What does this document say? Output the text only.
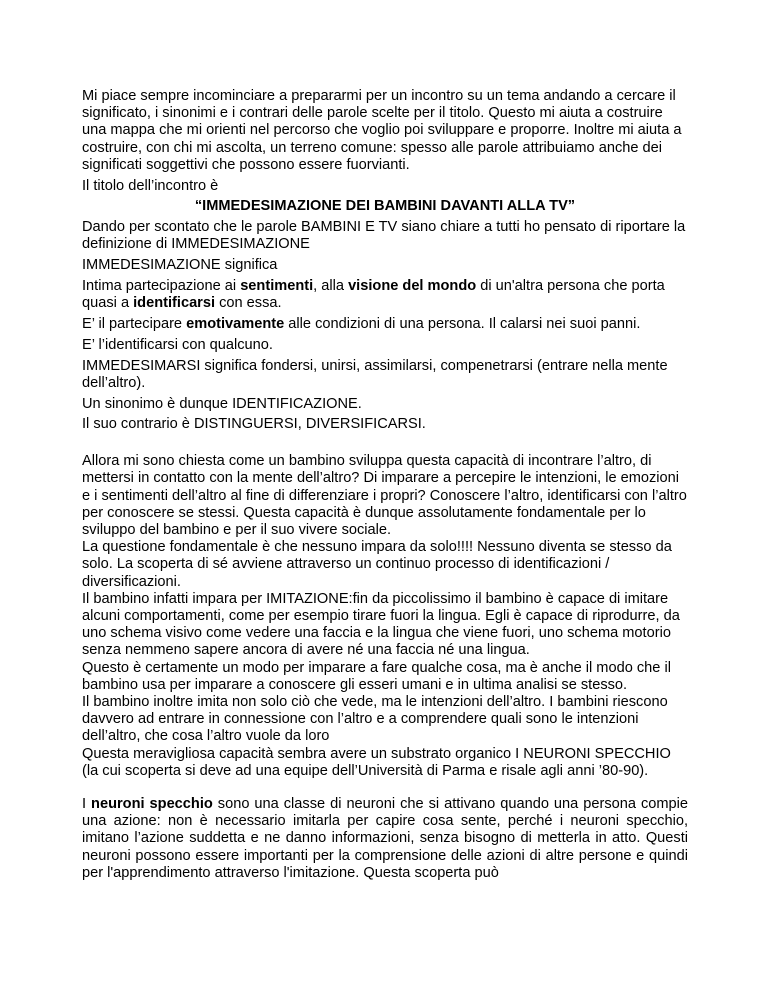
Mi piace sempre incominciare a prepararmi per un incontro su un tema andando a cercare il significato, i sinonimi e i contrari delle parole scelte per il titolo. Questo mi aiuta a costruire una mappa che mi orienti nel percorso che voglio poi sviluppare e proporre. Inoltre mi aiuta a costruire, con chi mi ascolta, un terreno comune: spesso alle parole attribuiamo anche dei significati soggettivi che possono essere fuorvianti.

Il titolo dell’incontro è

“IMMEDESIMAZIONE DEI BAMBINI DAVANTI ALLA TV”

Dando per scontato che le parole BAMBINI E TV siano chiare a tutti ho pensato di riportare la definizione di IMMEDESIMAZIONE

IMMEDESIMAZIONE significa

Intima partecipazione ai sentimenti, alla visione del mondo di un'altra persona che porta quasi a identificarsi con essa.

E’ il partecipare emotivamente alle condizioni di una persona. Il calarsi nei suoi panni.

E’ l’identificarsi con qualcuno.

IMMEDESIMARSI significa fondersi, unirsi, assimilarsi, compenetrarsi (entrare nella mente dell’altro).

Un sinonimo è dunque IDENTIFICAZIONE.

Il suo contrario è DISTINGUERSI, DIVERSIFICARSI.

Allora mi sono chiesta come un bambino sviluppa questa capacità di incontrare l’altro, di mettersi in contatto con la mente dell’altro? Di imparare a percepire le intenzioni, le emozioni e i sentimenti dell’altro al fine di differenziare i propri? Conoscere l’altro, identificarsi con l’altro per conoscere se stessi. Questa capacità è dunque assolutamente fondamentale per lo sviluppo del bambino e per il suo vivere sociale.
La questione fondamentale è che nessuno impara da solo!!!! Nessuno diventa se stesso da solo. La scoperta di sé avviene attraverso un continuo processo di identificazioni / diversificazioni.
Il bambino infatti impara per IMITAZIONE:fin da piccolissimo il bambino è capace di imitare alcuni comportamenti, come per esempio tirare fuori la lingua. Egli è capace di riprodurre, da uno schema visivo come vedere una faccia e la lingua che viene fuori, uno schema motorio senza nemmeno sapere ancora di avere né una faccia né una lingua.
Questo è certamente un modo per imparare a fare qualche cosa, ma è anche il modo che il bambino usa per imparare a conoscere gli esseri umani e in ultima analisi se stesso.
Il bambino inoltre imita non solo ciò che vede, ma le intenzioni dell’altro. I bambini riescono davvero ad entrare in connessione con l’altro e a comprendere quali sono le intenzioni dell’altro, che cosa l’altro vuole da loro
Questa meravigliosa capacità sembra avere un substrato organico I NEURONI SPECCHIO (la cui scoperta si deve ad una equipe dell’Università di Parma e risale agli anni ’80-90).

I neuroni specchio sono una classe di neuroni che si attivano quando una persona compie una azione: non è necessario imitarla per capire cosa sente, perché i neuroni specchio, imitano l’azione suddetta e ne danno informazioni, senza bisogno di metterla in atto. Questi neuroni possono essere importanti per la comprensione delle azioni di altre persone e quindi per l'apprendimento attraverso l'imitazione. Questa scoperta può
